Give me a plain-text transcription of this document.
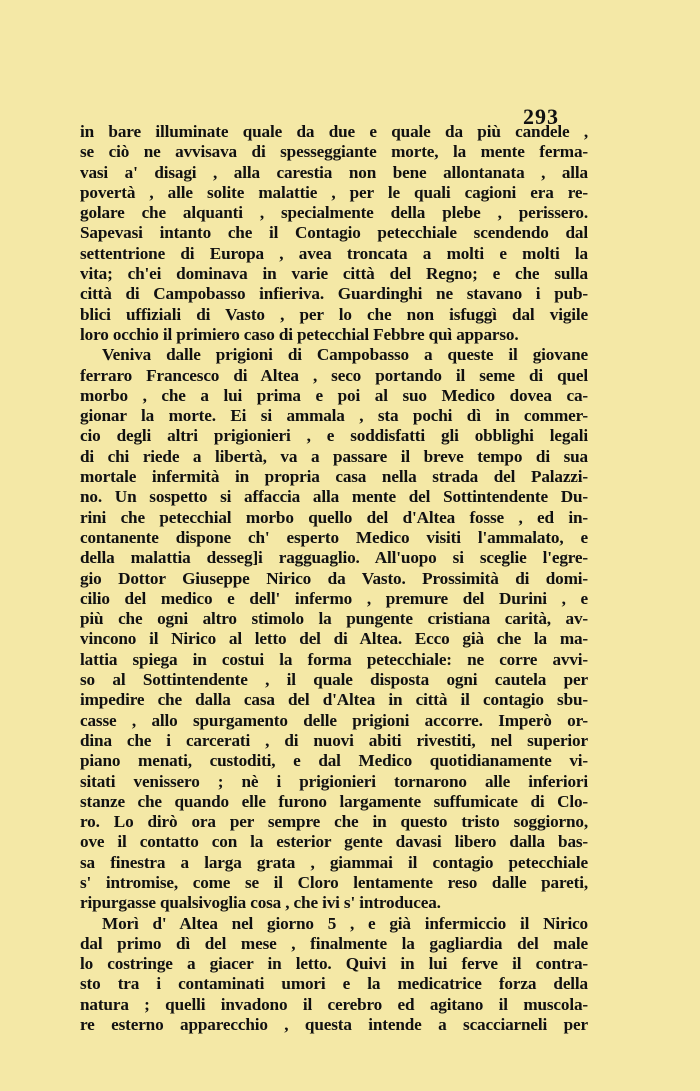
293
in bare illuminate quale da due e quale da più candele ,
se ciò ne avvisava di spesseggiante morte, la mente ferma-
vasi a' disagi , alla carestia non bene allontanata , alla
povertà , alle solite malattie , per le quali cagioni era re-
golare che alquanti , specialmente della plebe , perissero.
Sapevasi intanto che il Contagio petecchiale scendendo dal
settentrione di Europa , avea troncata a molti e molti la
vita; ch'ei dominava in varie città del Regno; e che sulla
città di Campobasso infieriva. Guardinghi ne stavano i pub-
blici uffiziali di Vasto , per lo che non isfuggì dal vigile
loro occhio il primiero caso di petecchial Febbre quì apparso.
Veniva dalle prigioni di Campobasso a queste il giovane
ferraro Francesco di Altea , seco portando il seme di quel
morbo , che a lui prima e poi al suo Medico dovea ca-
gionar la morte. Ei si ammala , sta pochi dì in commer-
cio degli altri prigionieri , e soddisfatti gli obblighi legali
di chi riede a libertà, va a passare il breve tempo di sua
mortale infermità in propria casa nella strada del Palazzi-
no. Un sospetto si affaccia alla mente del Sottintendente Du-
rini che petecchial morbo quello del d'Altea fosse , ed in-
contanente dispone ch' esperto Medico visiti l'ammalato, e
della malattia desseg]i ragguaglio. All'uopo si sceglie l'egre-
gio Dottor Giuseppe Nirico da Vasto. Prossimità di domi-
cilio del medico e dell' infermo , premure del Durini , e
più che ogni altro stimolo la pungente cristiana carità, av-
vincono il Nirico al letto del di Altea. Ecco già che la ma-
lattia spiega in costui la forma petecchiale: ne corre avvi-
so al Sottintendente , il quale disposta ogni cautela per
impedire che dalla casa del d'Altea in città il contagio sbu-
casse , allo spurgamento delle prigioni accorre. Imperò or-
dina che i carcerati , di nuovi abiti rivestiti, nel superior
piano menati, custoditi, e dal Medico quotidianamente vi-
sitati venissero ; nè i prigionieri tornarono alle inferiori
stanze che quando elle furono largamente suffumicate di Clo-
ro. Lo dirò ora per sempre che in questo tristo soggiorno,
ove il contatto con la esterior gente davasi libero dalla bas-
sa finestra a larga grata , giammai il contagio petecchiale
s' intromise, come se il Cloro lentamente reso dalle pareti,
ripurgasse qualsivoglia cosa , che ivi s' introducea.
Morì d' Altea nel giorno 5 , e già infermiccio il Nirico
dal primo dì del mese , finalmente la gagliardia del male
lo costringe a giacer in letto. Quivi in lui ferve il contra-
sto tra i contaminati umori e la medicatrice forza della
natura ; quelli invadono il cerebro ed agitano il muscola-
re esterno apparecchio , questa intende a scacciarneli per
